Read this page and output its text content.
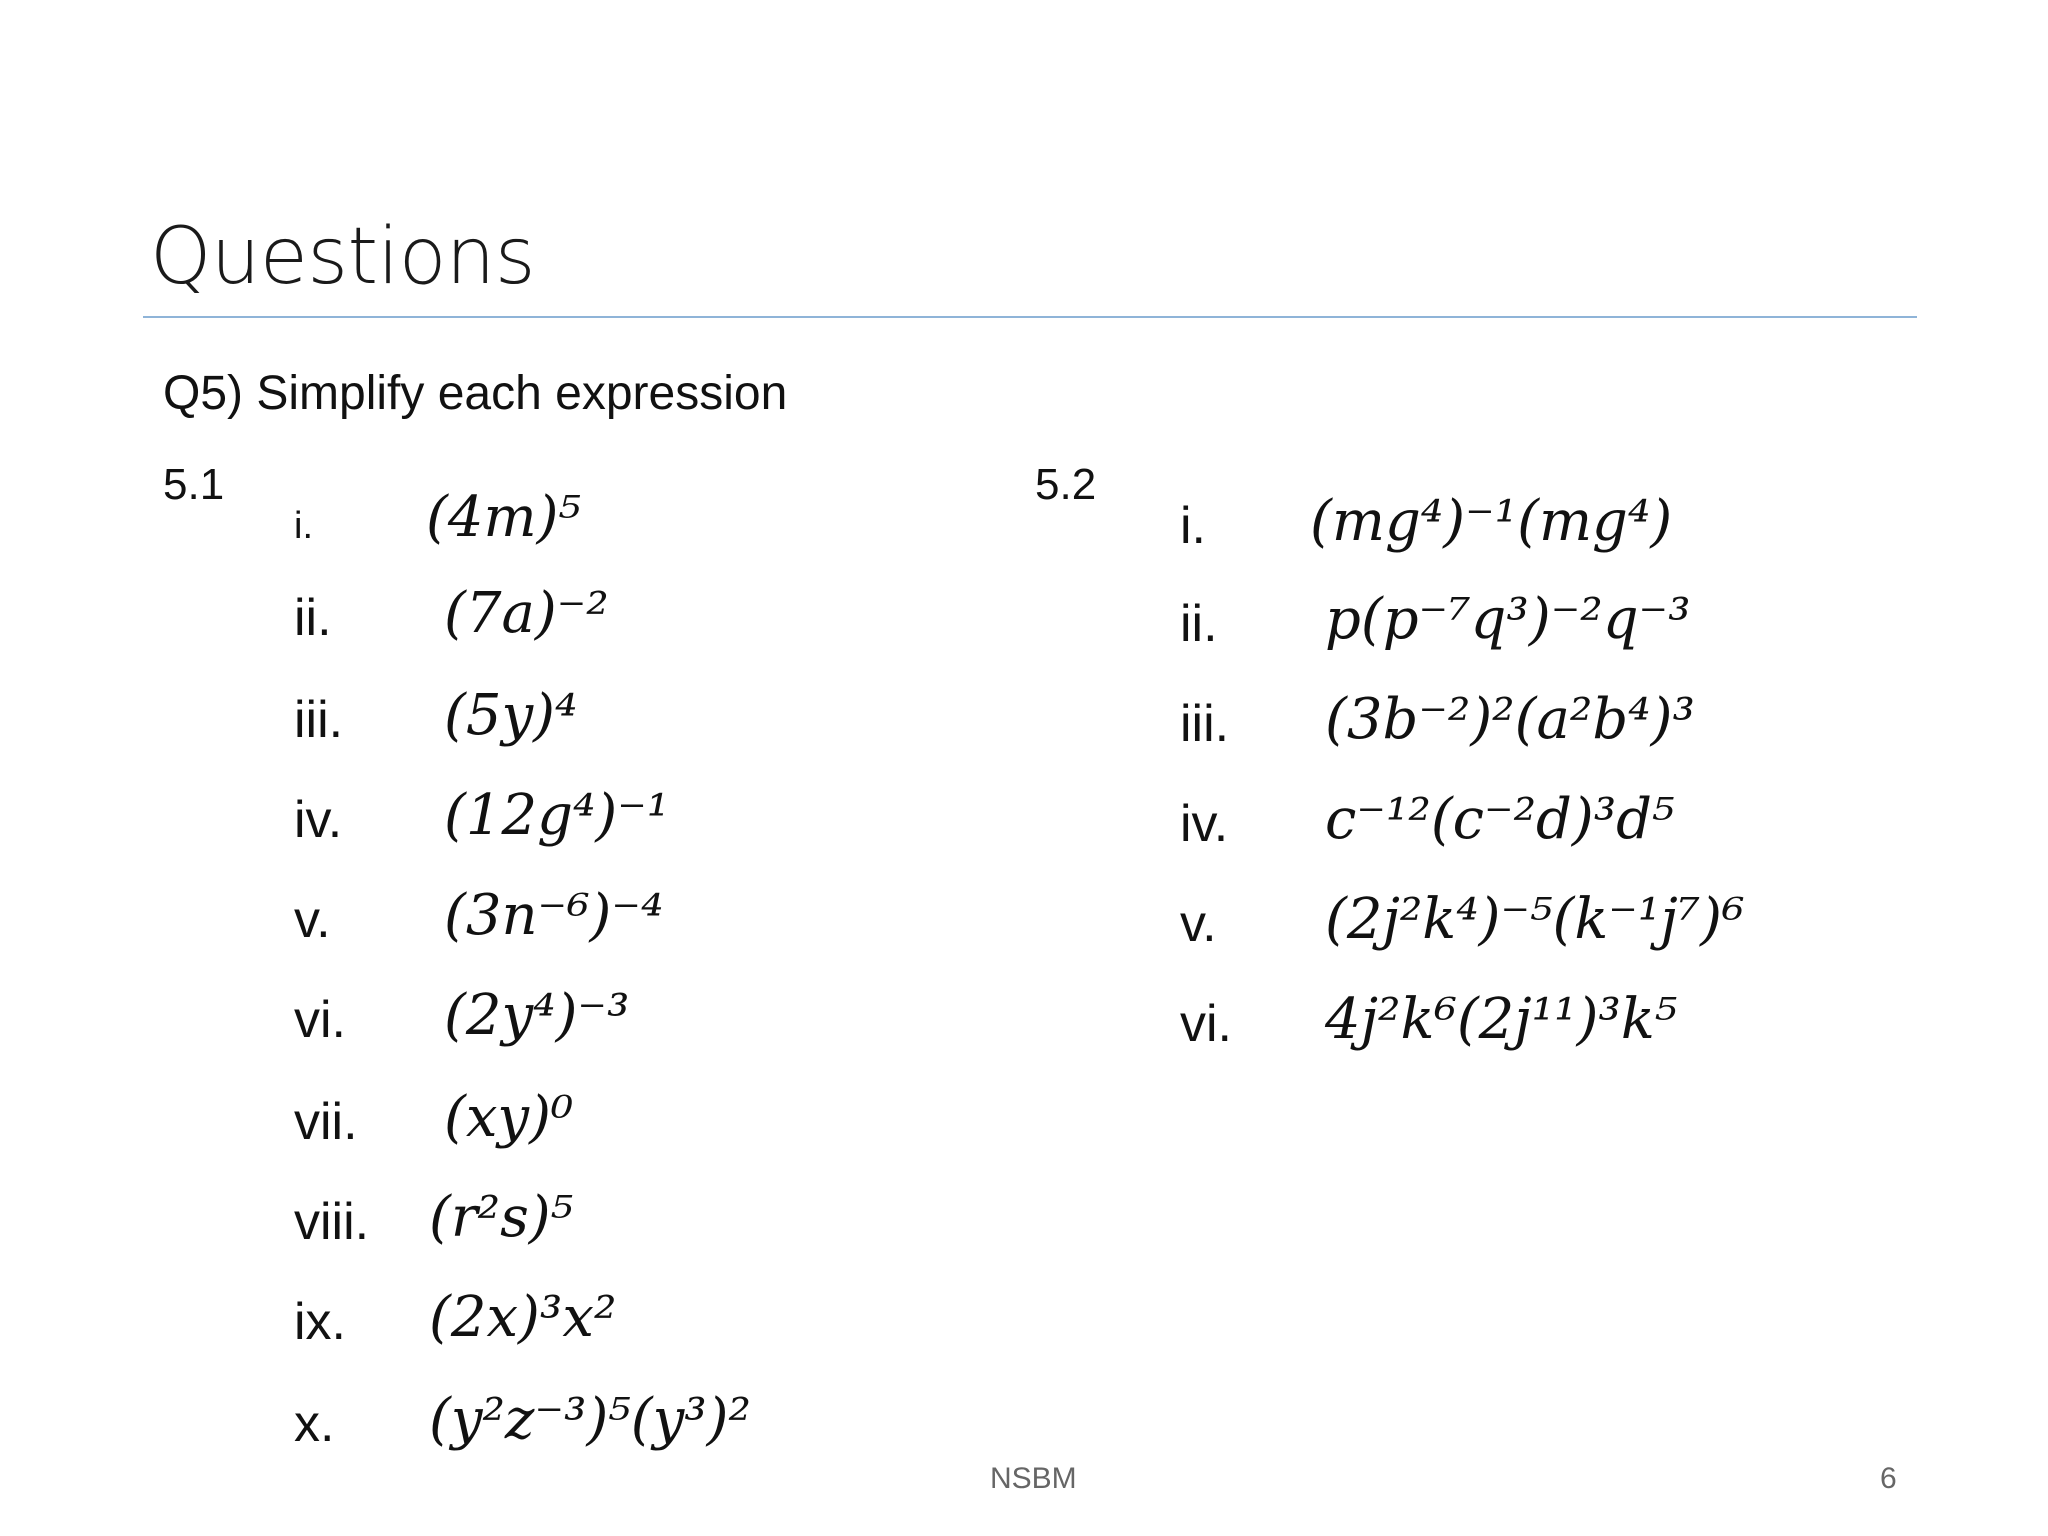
Questions
Q5) Simplify each expression
5.1	5.2
i. (4m)⁵
ii. (7a)⁻²
iii. (5y)⁴
iv. (12g⁴)⁻¹
v. (3n⁻⁶)⁻⁴
vi. (2y⁴)⁻³
vii. (xy)⁰
viii. (r²s)⁵
ix. (2x)³x²
x. (y²z⁻³)⁵(y³)²
i. (mg⁴)⁻¹(mg⁴)
ii. p(p⁻⁷q³)⁻²q⁻³
iii. (3b⁻²)²(a²b⁴)³
iv. c⁻¹²(c⁻²d)³d⁵
v. (2j²k⁴)⁻⁵(k⁻¹j⁷)⁶
vi. 4j²k⁶(2j¹¹)³k⁵
NSBM	6
